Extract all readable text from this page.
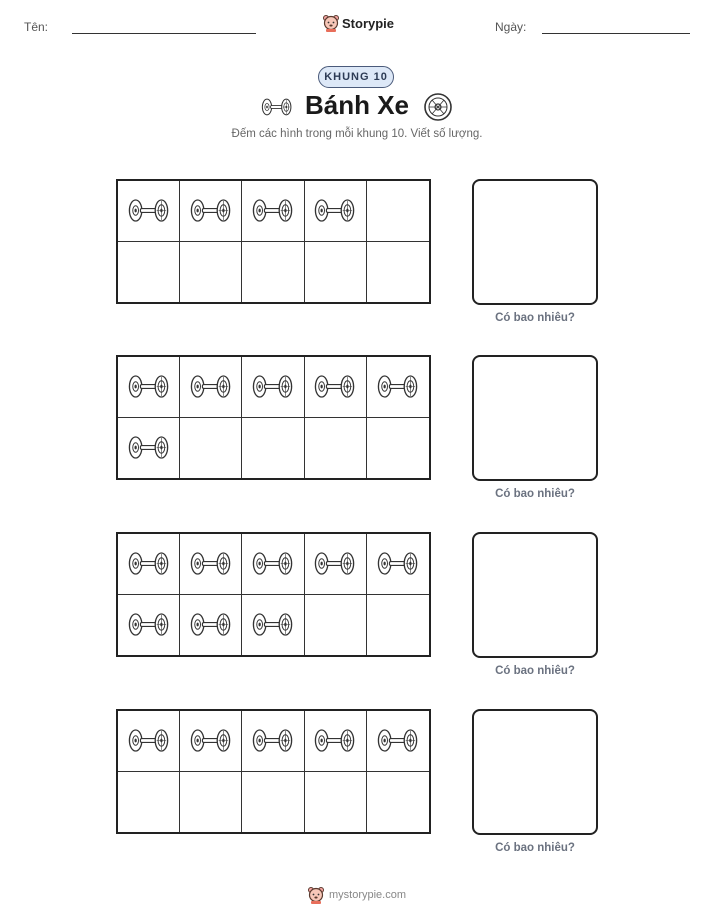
Tên:	Storypie	Ngày:
KHUNG 10
Bánh Xe
Đếm các hình trong mỗi khung 10. Viết số lượng.
Có bao nhiêu?
Có bao nhiêu?
Có bao nhiêu?
Có bao nhiêu?
mystorypie.com
